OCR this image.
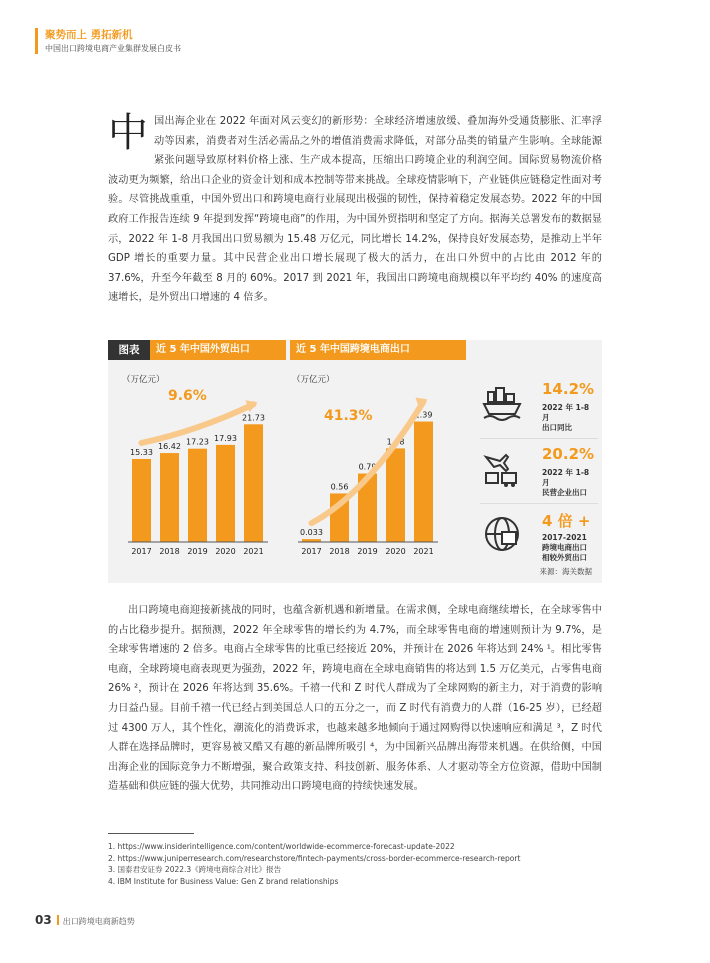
聚势而上 勇拓新机
中国出口跨境电商产业集群发展白皮书
中国出海企业在 2022 年面对风云变幻的新形势：全球经济增速放缓、叠加海外受通货膨胀、汇率浮动等因素，消费者对生活必需品之外的增值消费需求降低，对部分品类的销量产生影响。全球能源紧张问题导致原材料价格上涨、生产成本提高，压缩出口跨境企业的利润空间。国际贸易物流价格波动更为频繁，给出口企业的资金计划和成本控制等带来挑战。全球疫情影响下，产业链供应链稳定性面对考验。尽管挑战重重，中国外贸出口和跨境电商行业展现出极强的韧性，保持着稳定发展态势。2022 年的中国政府工作报告连续 9 年提到发挥“跨境电商”的作用，为中国外贸指明和坚定了方向。据海关总署发布的数据显示，2022 年 1-8 月我国出口贸易额为 15.48 万亿元，同比增长 14.2%，保持良好发展态势，是推动上半年 GDP 增长的重要力量。其中民营企业出口增长展现了极大的活力，在出口外贸中的占比由 2012 年的 37.6%，升至今年截至 8 月的 60%。2017 到 2021 年，我国出口跨境电商规模以年平均约 40% 的速度高速增长，是外贸出口增速的 4 倍多。
图表	近 5 年中国外贸出口	近 5 年中国跨境电商出口
（万亿元）
15.33
2017
16.42
2018
17.23
2019
17.93
2020
21.73
2021
9.6%
（万亿元）
0.033
2017
0.56
2018
0.79
2019
1.08
2020
1.39
2021
41.3%
14.2%
2022 年 1-8 月
出口同比
20.2%
2022 年 1-8 月
民营企业出口
4 倍 +
2017-2021
跨境电商出口
相较外贸出口
来源：海关数据
出口跨境电商迎接新挑战的同时，也蕴含新机遇和新增量。在需求侧，全球电商继续增长，在全球零售中的占比稳步提升。据预测，2022 年全球零售的增长约为 4.7%，而全球零售电商的增速则预计为 9.7%，是全球零售增速的 2 倍多。电商占全球零售的比重已经接近 20%，并预计在 2026 年将达到 24% ¹。相比零售电商，全球跨境电商表现更为强劲，2022 年，跨境电商在全球电商销售的将达到 1.5 万亿美元，占零售电商 26% ²，预计在 2026 年将达到 35.6%。千禧一代和 Z 时代人群成为了全球网购的新主力，对于消费的影响力日益凸显。目前千禧一代已经占到美国总人口的五分之一，而 Z 时代有消费力的人群（16-25 岁），已经超过 4300 万人，其个性化，潮流化的消费诉求，也越来越多地倾向于通过网购得以快速响应和满足 ³，Z 时代人群在选择品牌时，更容易被又酷又有趣的新品牌所吸引 ⁴，为中国新兴品牌出海带来机遇。在供给侧，中国出海企业的国际竞争力不断增强，聚合政策支持、科技创新、服务体系、人才驱动等全方位资源，借助中国制造基础和供应链的强大优势，共同推动出口跨境电商的持续快速发展。
1. https://www.insiderintelligence.com/content/worldwide-ecommerce-forecast-update-2022
2. https://www.juniperresearch.com/researchstore/fintech-payments/cross-border-ecommerce-research-report
3. 国泰君安证券 2022.3《跨境电商综合对比》报告
4. IBM Institute for Business Value: Gen Z brand relationships
03 出口跨境电商新趋势
